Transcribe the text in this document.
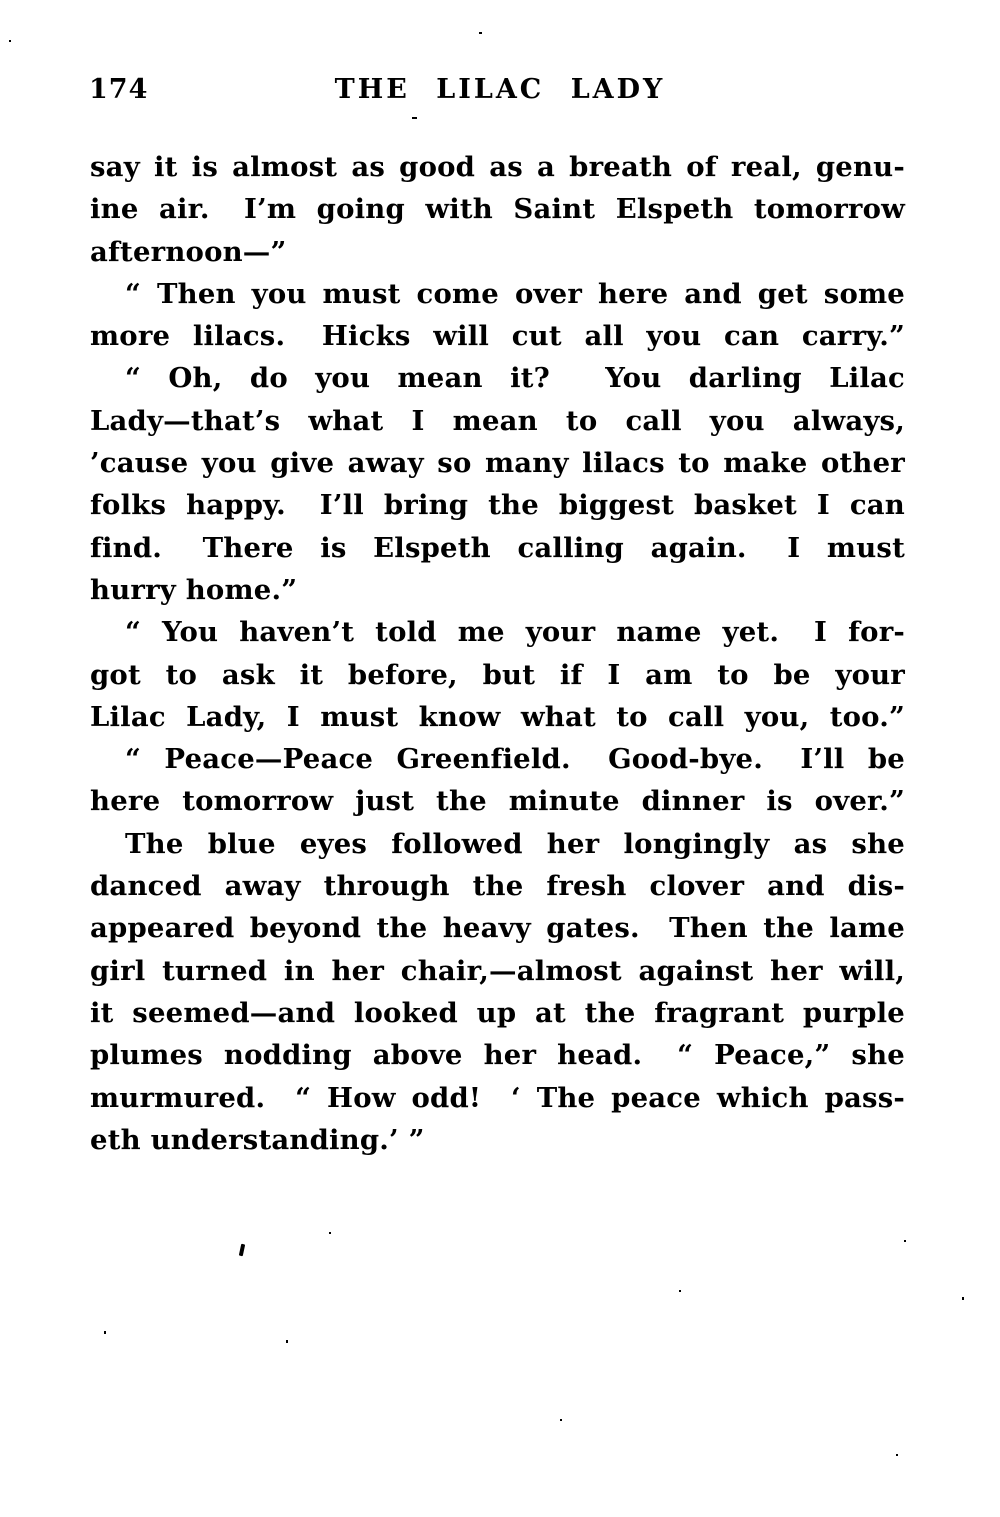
174	THE LILAC LADY
say it is almost as good as a breath of real, genu-
ine air.  I’m going with Saint Elspeth tomorrow
afternoon—”
“ Then you must come over here and get some
more lilacs.  Hicks will cut all you can carry.”
“ Oh, do you mean it?   You darling Lilac
Lady—that’s what I mean to call you always,
’cause you give away so many lilacs to make other
folks happy.  I’ll bring the biggest basket I can
find.  There is Elspeth calling again.  I must
hurry home.”
“ You haven’t told me your name yet.  I for-
got to ask it before, but if I am to be your
Lilac Lady, I must know what to call you, too.”
“ Peace—Peace Greenfield.  Good-bye.  I’ll be
here tomorrow just the minute dinner is over.”
The blue eyes followed her longingly as she
danced away through the fresh clover and dis-
appeared beyond the heavy gates.  Then the lame
girl turned in her chair,—almost against her will,
it seemed—and looked up at the fragrant purple
plumes nodding above her head.  “ Peace,” she
murmured.  “ How odd!  ‘ The peace which pass-
eth understanding.’ ”
